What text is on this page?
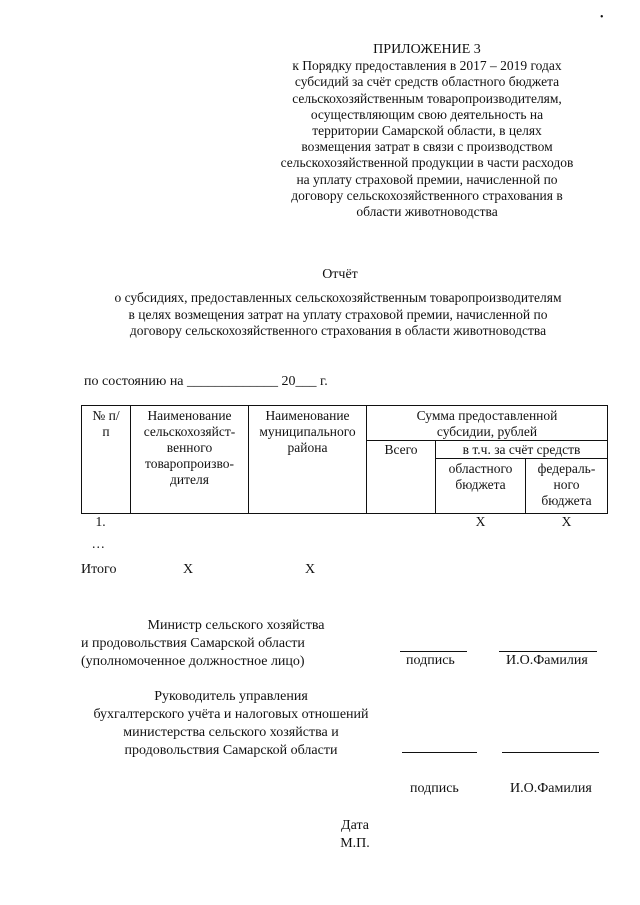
•
ПРИЛОЖЕНИЕ 3
к Порядку предоставления в 2017 – 2019 годах
субсидий за счёт средств областного бюджета
сельскохозяйственным товаропроизводителям,
осуществляющим свою деятельность на
территории Самарской области, в целях
возмещения затрат в связи с производством
сельскохозяйственной продукции в части расходов
на уплату страховой премии, начисленной по
договору сельскохозяйственного страхования в
области животноводства
Отчёт
о субсидиях, предоставленных сельскохозяйственным товаропроизводителям
в целях возмещения затрат на уплату страховой премии, начисленной по
договору сельскохозяйственного страхования в области животноводства
по состоянию на _____________ 20___ г.
№ п/п	Наименование сельскохозяйст-венного товаропроизво-дителя	Наименование муниципального района	Сумма предоставленной субсидии, рублей		
			Всего	в т.ч. за счёт средств	
				областного бюджета	федераль-ного бюджета
1.				Х	Х
…					
Итого	Х	Х
Министр сельского хозяйства
и продовольствия Самарской области
(уполномоченное должностное лицо)	подпись	И.О.Фамилия
Руководитель управления
бухгалтерского учёта и налоговых отношений
министерства сельского хозяйства и
продовольствия Самарской области
подпись	И.О.Фамилия
Дата
М.П.
